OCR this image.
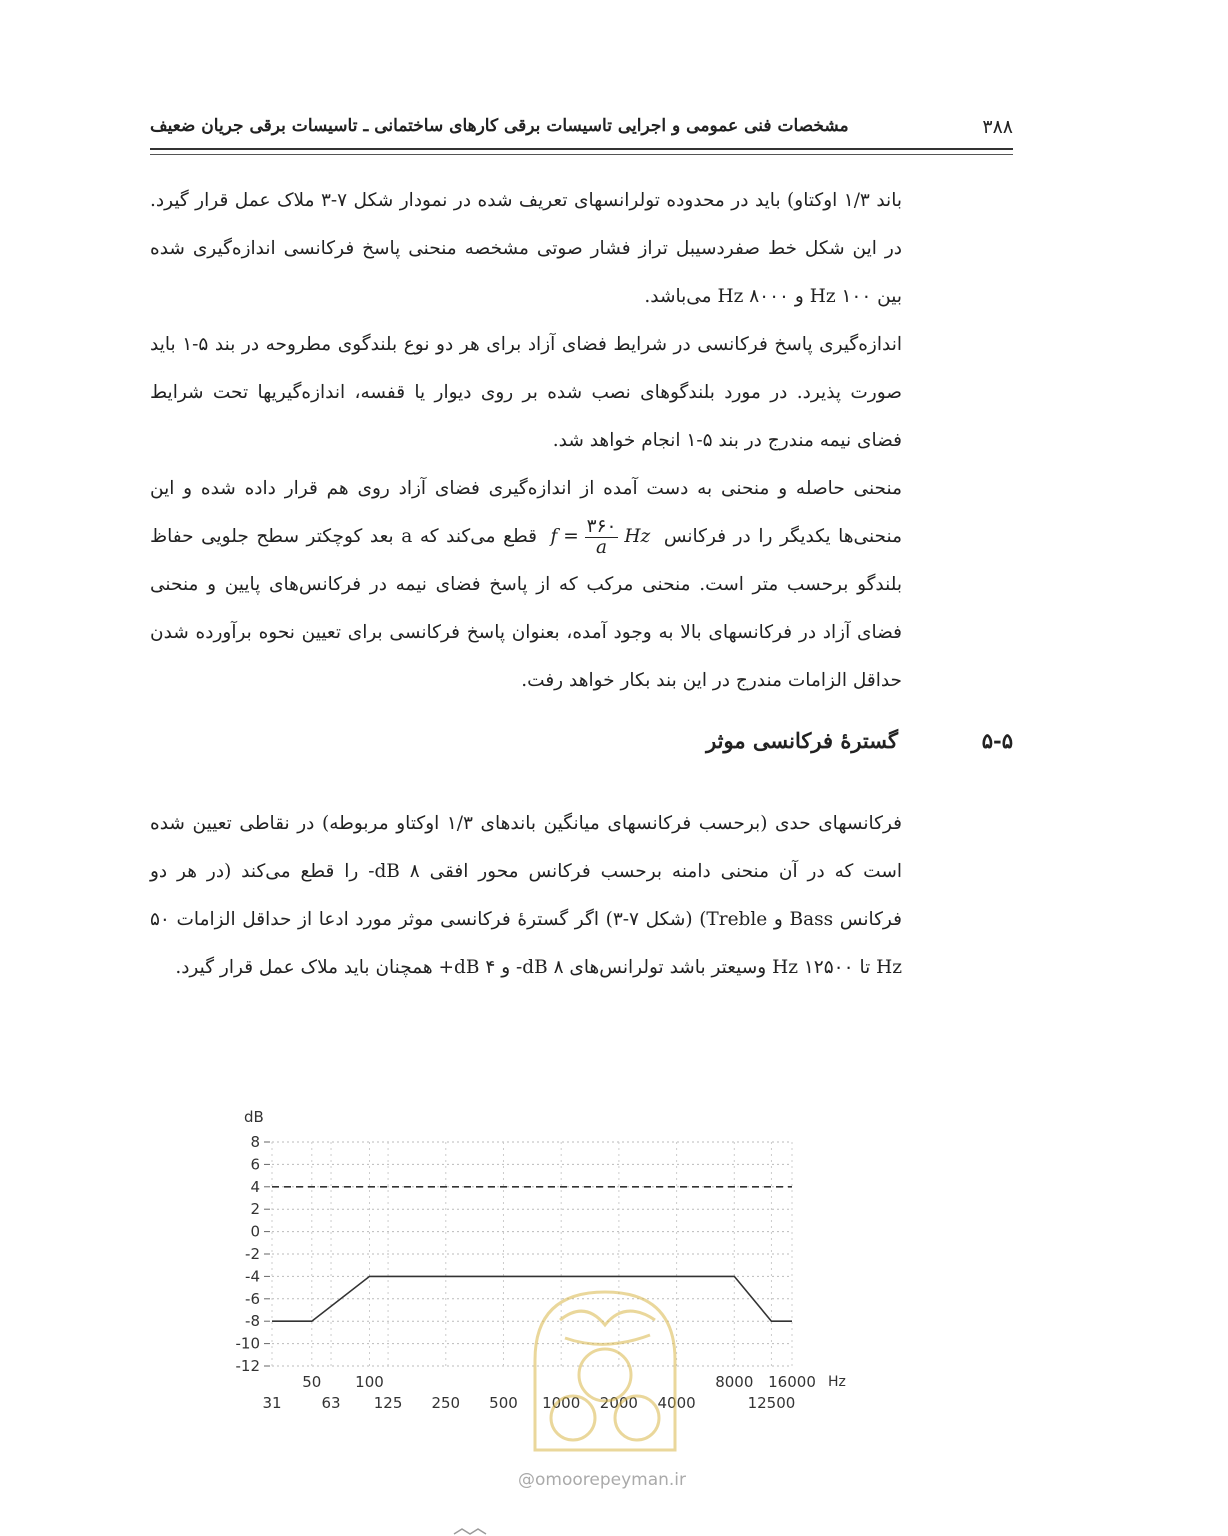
۳۸۸
مشخصات فنی عمومی و اجرایی تاسیسات برقی کارهای ساختمانی ـ تاسیسات برقی جریان ضعیف

باند ۱/۳ اوکتاو) باید در محدوده تولرانسهای تعریف شده در نمودار شکل ۷-۳ ملاک عمل قرار گیرد. در این شکل خط صفردسیبل تراز فشار صوتی مشخصه منحنی پاسخ فرکانسی اندازه‌گیری شده بین ۱۰۰ Hz و ۸۰۰۰ Hz می‌باشد.

اندازه‌گیری پاسخ فرکانسی در شرایط فضای آزاد برای هر دو نوع بلندگوی مطروحه در بند ۵-۱ باید صورت پذیرد. در مورد بلندگوهای نصب شده بر روی دیوار یا قفسه، اندازه‌گیریها تحت شرایط فضای نیمه مندرج در بند ۵-۱ انجام خواهد شد.

منحنی حاصله و منحنی به دست آمده از اندازه‌گیری فضای آزاد روی هم قرار داده شده و این منحنی‌ها یکدیگر را در فرکانس $f = \frac{۳۶۰}{a}$ Hz قطع می‌کند که a بعد کوچکتر سطح جلویی حفاظ بلندگو برحسب متر است. منحنی مرکب که از پاسخ فضای نیمه در فرکانس‌های پایین و منحنی فضای آزاد در فرکانسهای بالا به وجود آمده، بعنوان پاسخ فرکانسی برای تعیین نحوه برآورده شدن حداقل الزامات مندرج در این بند بکار خواهد رفت.

۵-۵
گسترهٔ فرکانسی موثر

فرکانسهای حدی (برحسب فرکانسهای میانگین باندهای ۱/۳ اوکتاو مربوطه) در نقاطی تعیین شده است که در آن منحنی دامنه برحسب فرکانس محور افقی ۸ dB- را قطع می‌کند (در هر دو فرکانس Bass و Treble) (شکل ۷-۳) اگر گسترهٔ فرکانسی موثر مورد ادعا از حداقل الزامات ۵۰ Hz تا ۱۲۵۰۰ Hz وسیعتر باشد تولرانس‌های ۸ dB- و ۴ dB+ همچنان باید ملاک عمل قرار گیرد.

8
6
4
2
0
-2
-4
-6
-8
-10
-12
50 100	8000 16000
31	63 125 250 500 1000 2000 4000	12500
dB
Hz
@omoorepeyman.ir
